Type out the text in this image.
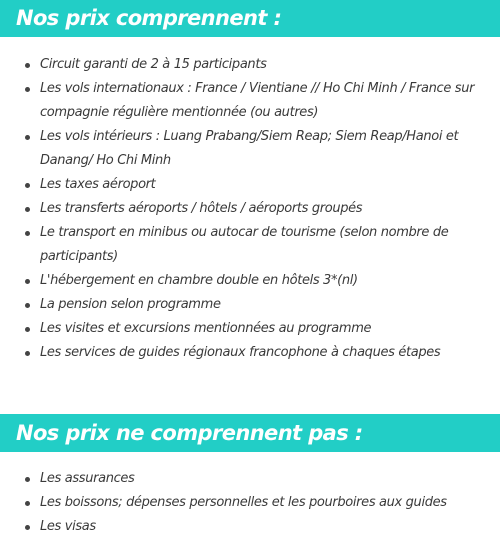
Nos prix comprennent :
Circuit garanti de 2 à 15 participants
Les vols internationaux : France / Vientiane // Ho Chi Minh / France sur compagnie régulière mentionnée (ou autres)
Les vols intérieurs : Luang Prabang/Siem Reap; Siem Reap/Hanoi et Danang/ Ho Chi Minh
Les taxes aéroport
Les transferts aéroports / hôtels / aéroports groupés
Le transport en minibus ou autocar de tourisme (selon nombre de participants)
L'hébergement en chambre double en hôtels 3*(nl)
La pension selon programme
Les visites et excursions mentionnées au programme
Les services de guides régionaux francophone à chaques étapes
Nos prix ne comprennent pas :
Les assurances
Les boissons; dépenses personnelles et les pourboires aux guides
Les visas
